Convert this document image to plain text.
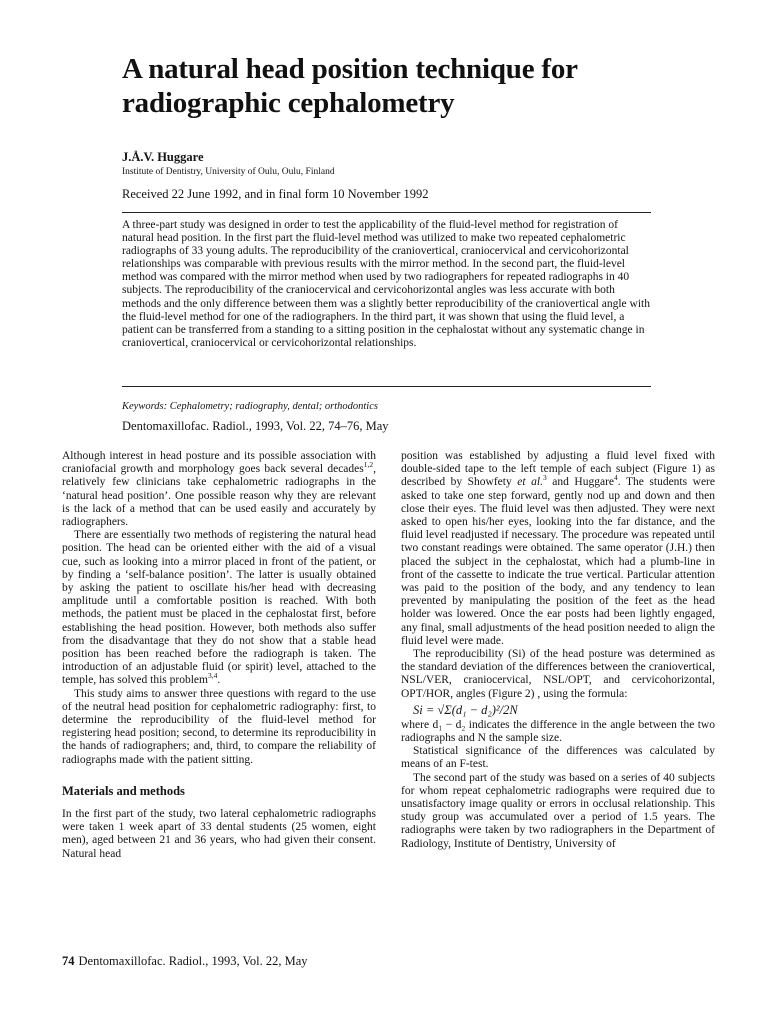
A natural head position technique for radiographic cephalometry

J.Å.V. Huggare

Institute of Dentistry, University of Oulu, Oulu, Finland

Received 22 June 1992, and in final form 10 November 1992

A three-part study was designed in order to test the applicability of the fluid-level method for registration of natural head position. In the first part the fluid-level method was utilized to make two repeated cephalometric radiographs of 33 young adults. The reproducibility of the craniovertical, craniocervical and cervicohorizontal relationships was comparable with previous results with the mirror method. In the second part, the fluid-level method was compared with the mirror method when used by two radiographers for repeated radiographs in 40 subjects. The reproducibility of the craniocervical and cervicohorizontal angles was less accurate with both methods and the only difference between them was a slightly better reproducibility of the craniovertical angle with the fluid-level method for one of the radiographers. In the third part, it was shown that using the fluid level, a patient can be transferred from a standing to a sitting position in the cephalostat without any systematic change in craniovertical, craniocervical or cervicohorizontal relationships.

Keywords: Cephalometry; radiography, dental; orthodontics

Dentomaxillofac. Radiol., 1993, Vol. 22, 74–76, May

Although interest in head posture and its possible association with craniofacial growth and morphology goes back several decades$^{1,2}$, relatively few clinicians take cephalometric radiographs in the ‘natural head position’. One possible reason why they are relevant is the lack of a method that can be used easily and accurately by radiographers.

There are essentially two methods of registering the natural head position. The head can be oriented either with the aid of a visual cue, such as looking into a mirror placed in front of the patient, or by finding a ‘self-balance position’. The latter is usually obtained by asking the patient to oscillate his/her head with decreasing amplitude until a comfortable position is reached. With both methods, the patient must be placed in the cephalostat first, before establishing the head position. However, both methods also suffer from the disadvantage that they do not show that a stable head position has been reached before the radiograph is taken. The introduction of an adjustable fluid (or spirit) level, attached to the temple, has solved this problem$^{3,4}$.

This study aims to answer three questions with regard to the use of the neutral head position for cephalometric radiography: first, to determine the reproducibility of the fluid-level method for registering head position; second, to determine its reproducibility in the hands of radiographers; and, third, to compare the reliability of radiographs made with the patient sitting.

Materials and methods

In the first part of the study, two lateral cephalometric radiographs were taken 1 week apart of 33 dental students (25 women, eight men), aged between 21 and 36 years, who had given their consent. Natural head

position was established by adjusting a fluid level fixed with double-sided tape to the left temple of each subject (Figure 1) as described by Showfety et al.$^3$ and Huggare$^4$. The students were asked to take one step forward, gently nod up and down and then close their eyes. The fluid level was then adjusted. They were next asked to open his/her eyes, looking into the far distance, and the fluid level readjusted if necessary. The procedure was repeated until two constant readings were obtained. The same operator (J.H.) then placed the subject in the cephalostat, which had a plumb-line in front of the cassette to indicate the true vertical. Particular attention was paid to the position of the body, and any tendency to lean prevented by manipulating the position of the feet as the head holder was lowered. Once the ear posts had been lightly engaged, any final, small adjustments of the head position needed to align the fluid level were made.

The reproducibility (Si) of the head posture was determined as the standard deviation of the differences between the craniovertical, NSL/VER, craniocervical, NSL/OPT, and cervicohorizontal, OPT/HOR, angles (Figure 2) , using the formula:

Si = √Σ(d₁ − d₂)²/2N

where d₁ − d₂ indicates the difference in the angle between the two radiographs and N the sample size.

Statistical significance of the differences was calculated by means of an F-test.

The second part of the study was based on a series of 40 subjects for whom repeat cephalometric radiographs were required due to unsatisfactory image quality or errors in occlusal relationship. This study group was accumulated over a period of 1.5 years. The radiographs were taken by two radiographers in the Department of Radiology, Institute of Dentistry, University of

74 Dentomaxillofac. Radiol., 1993, Vol. 22, May
